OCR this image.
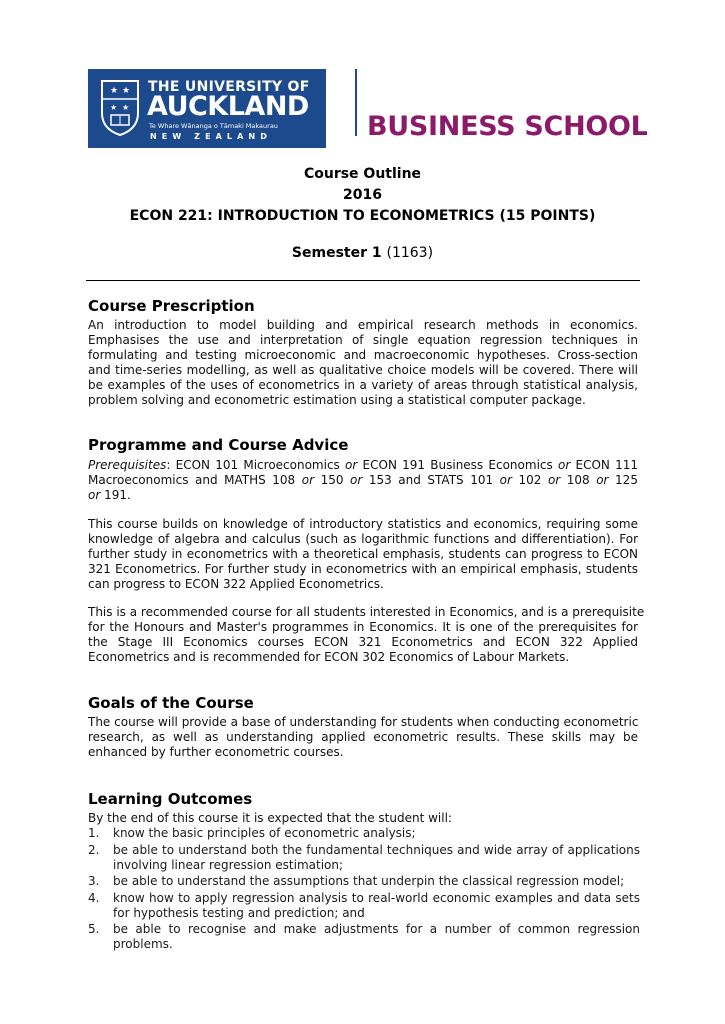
★ ★
★ ★
THE UNIVERSITY OF
AUCKLAND
Te Whare Wānanga o Tāmaki Makaurau
NEW ZEALAND	BUSINESS SCHOOL
Course Outline
2016
ECON 221: INTRODUCTION TO ECONOMETRICS (15 POINTS)
Semester 1 (1163)
Course Prescription
An introduction to model building and empirical research methods in economics.
Emphasises the use and interpretation of single equation regression techniques in
formulating and testing microeconomic and macroeconomic hypotheses. Cross-section
and time-series modelling, as well as qualitative choice models will be covered. There will
be examples of the uses of econometrics in a variety of areas through statistical analysis,
problem solving and econometric estimation using a statistical computer package.
Programme and Course Advice
Prerequisites: ECON 101 Microeconomics or ECON 191 Business Economics or ECON 111
Macroeconomics and MATHS 108 or 150 or 153 and STATS 101 or 102 or 108 or 125
or 191.
This course builds on knowledge of introductory statistics and economics, requiring some
knowledge of algebra and calculus (such as logarithmic functions and differentiation). For
further study in econometrics with a theoretical emphasis, students can progress to ECON
321 Econometrics. For further study in econometrics with an empirical emphasis, students
can progress to ECON 322 Applied Econometrics.
This is a recommended course for all students interested in Economics, and is a prerequisite
for the Honours and Master's programmes in Economics. It is one of the prerequisites for
the Stage III Economics courses ECON 321 Econometrics and ECON 322 Applied
Econometrics and is recommended for ECON 302 Economics of Labour Markets.
Goals of the Course
The course will provide a base of understanding for students when conducting econometric
research, as well as understanding applied econometric results. These skills may be
enhanced by further econometric courses.
Learning Outcomes
By the end of this course it is expected that the student will:
1. know the basic principles of econometric analysis;
2. be able to understand both the fundamental techniques and wide array of applications
involving linear regression estimation;
3. be able to understand the assumptions that underpin the classical regression model;
4. know how to apply regression analysis to real-world economic examples and data sets
for hypothesis testing and prediction; and
5. be able to recognise and make adjustments for a number of common regression
problems.
